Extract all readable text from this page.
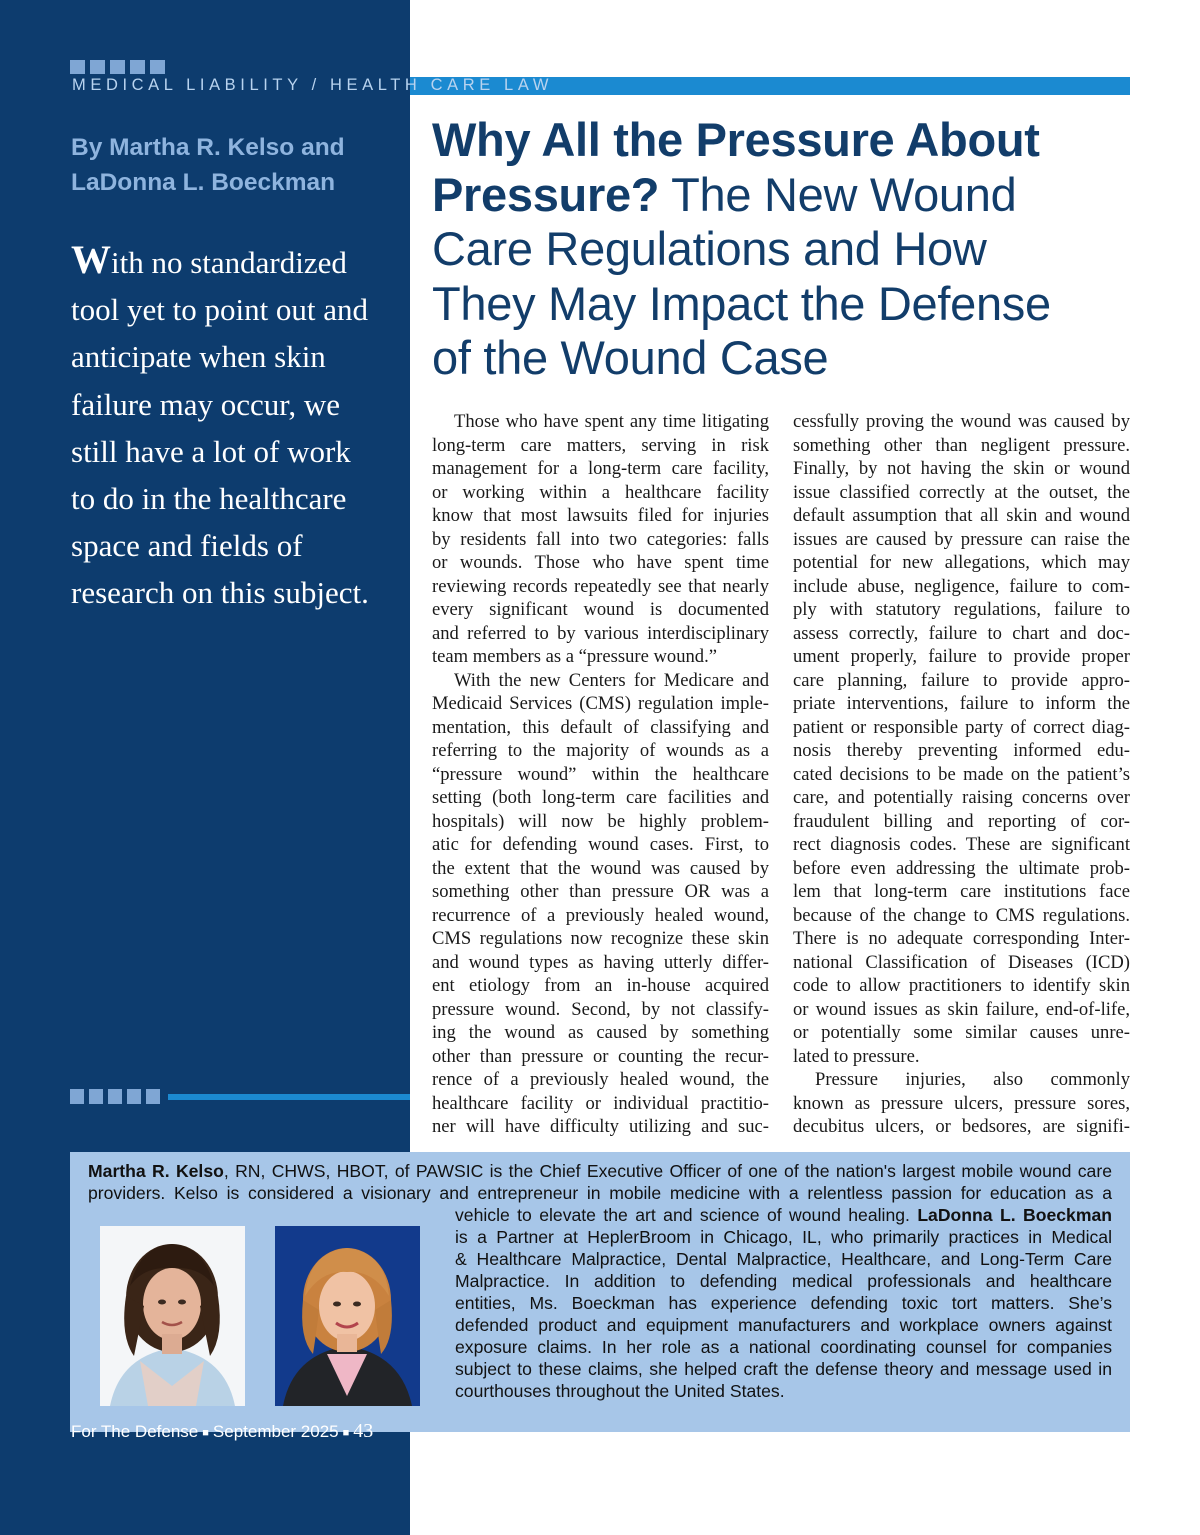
MEDICAL LIABILITY / HEALTH CARE LAW
By Martha R. Kelso and
LaDonna L. Boeckman
With no standardized
tool yet to point out and
anticipate when skin
failure may occur, we
still have a lot of work
to do in the healthcare
space and fields of
research on this subject.
Why All the Pressure About
Pressure? The New Wound
Care Regulations and How
They May Impact the Defense
of the Wound Case
Those who have spent any time litigating
long-term care matters, serving in risk
management for a long-term care facility,
or working within a healthcare facility
know that most lawsuits filed for injuries
by residents fall into two categories: falls
or wounds. Those who have spent time
reviewing records repeatedly see that nearly
every significant wound is documented
and referred to by various interdisciplinary
team members as a “pressure wound.”
With the new Centers for Medicare and
Medicaid Services (CMS) regulation imple-
mentation, this default of classifying and
referring to the majority of wounds as a
“pressure wound” within the healthcare
setting (both long-term care facilities and
hospitals) will now be highly problem-
atic for defending wound cases. First, to
the extent that the wound was caused by
something other than pressure OR was a
recurrence of a previously healed wound,
CMS regulations now recognize these skin
and wound types as having utterly differ-
ent etiology from an in-house acquired
pressure wound. Second, by not classify-
ing the wound as caused by something
other than pressure or counting the recur-
rence of a previously healed wound, the
healthcare facility or individual practitio-
ner will have difficulty utilizing and suc-
cessfully proving the wound was caused by
something other than negligent pressure.
Finally, by not having the skin or wound
issue classified correctly at the outset, the
default assumption that all skin and wound
issues are caused by pressure can raise the
potential for new allegations, which may
include abuse, negligence, failure to com-
ply with statutory regulations, failure to
assess correctly, failure to chart and doc-
ument properly, failure to provide proper
care planning, failure to provide appro-
priate interventions, failure to inform the
patient or responsible party of correct diag-
nosis thereby preventing informed edu-
cated decisions to be made on the patient’s
care, and potentially raising concerns over
fraudulent billing and reporting of cor-
rect diagnosis codes. These are significant
before even addressing the ultimate prob-
lem that long-term care institutions face
because of the change to CMS regulations.
There is no adequate corresponding Inter-
national Classification of Diseases (ICD)
code to allow practitioners to identify skin
or wound issues as skin failure, end-of-life,
or potentially some similar causes unre-
lated to pressure.
Pressure injuries, also commonly
known as pressure ulcers, pressure sores,
decubitus ulcers, or bedsores, are signifi-
Martha R. Kelso, RN, CHWS, HBOT, of PAWSIC is the Chief Executive Officer of one of the nation's largest mobile wound care
providers. Kelso is considered a visionary and entrepreneur in mobile medicine with a relentless passion for education as a
vehicle to elevate the art and science of wound healing. LaDonna L. Boeckman
is a Partner at HeplerBroom in Chicago, IL, who primarily practices in Medical
& Healthcare Malpractice, Dental Malpractice, Healthcare, and Long-Term Care
Malpractice. In addition to defending medical professionals and healthcare
entities, Ms. Boeckman has experience defending toxic tort matters. She’s
defended product and equipment manufacturers and workplace owners against
exposure claims. In her role as a national coordinating counsel for companies
subject to these claims, she helped craft the defense theory and message used in
courthouses throughout the United States.
For The Defense ■ September 2025 ■ 43
